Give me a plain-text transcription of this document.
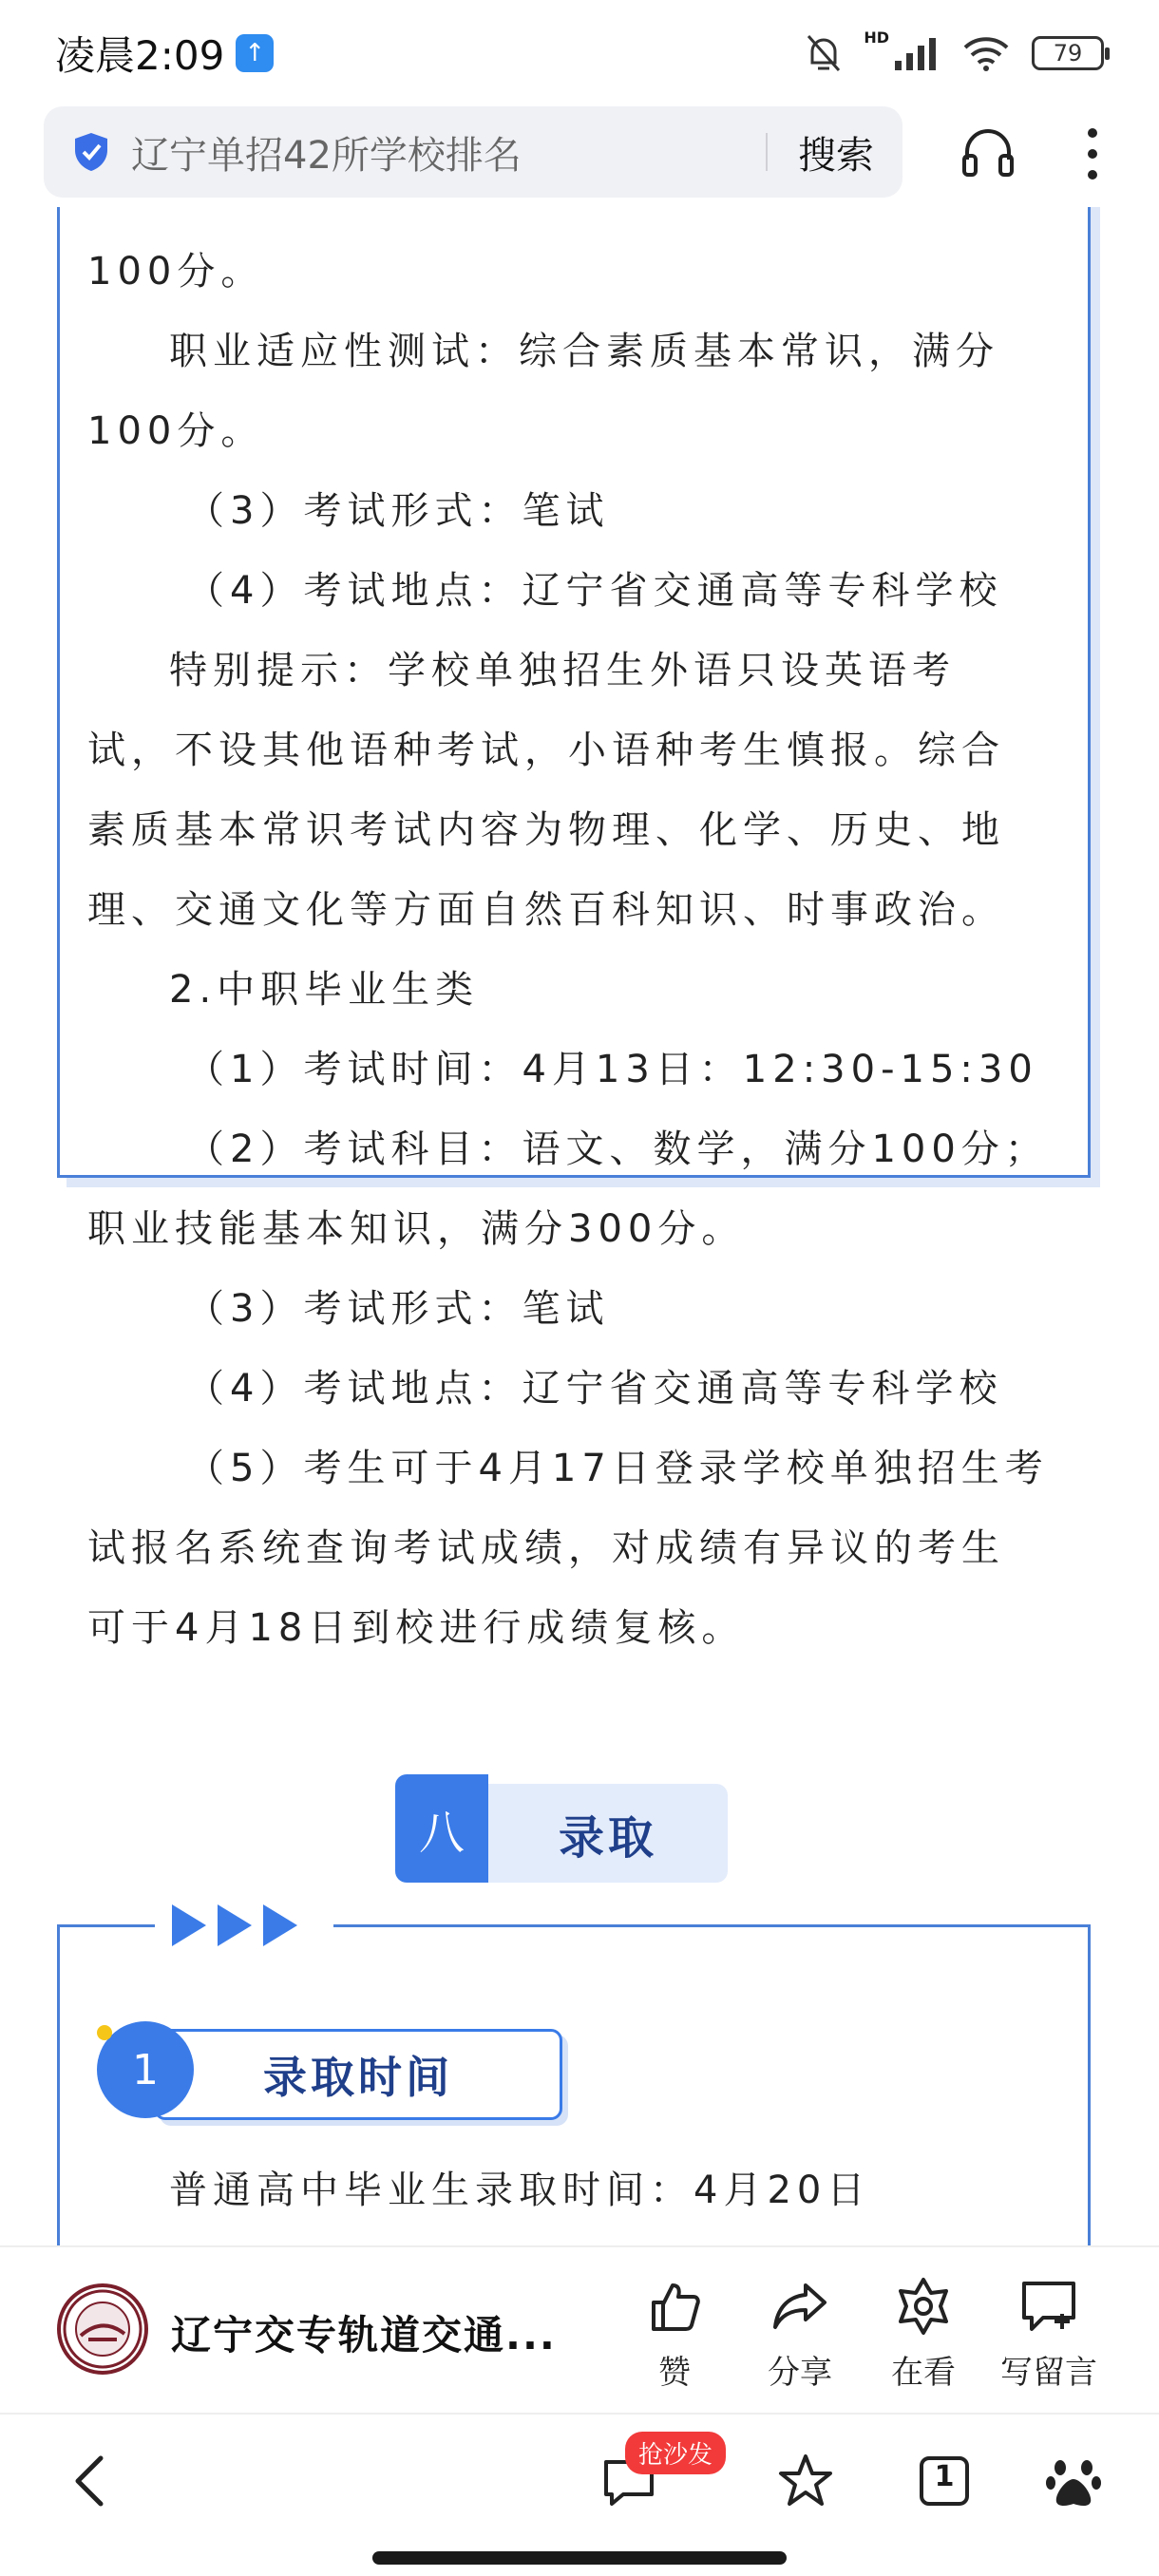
凌晨2:09 ↑
HD
79
辽宁单招42所学校排名	搜索
100分。
职业适应性测试：综合素质基本常识，满分
100分。
（3）考试形式：笔试
（4）考试地点：辽宁省交通高等专科学校
特别提示：学校单独招生外语只设英语考
试，不设其他语种考试，小语种考生慎报。综合
素质基本常识考试内容为物理、化学、历史、地
理、交通文化等方面自然百科知识、时事政治。
2.中职毕业生类
（1）考试时间：4月13日：12:30-15:30
（2）考试科目：语文、数学，满分100分；
职业技能基本知识，满分300分。
（3）考试形式：笔试
（4）考试地点：辽宁省交通高等专科学校
（5）考生可于4月17日登录学校单独招生考
试报名系统查询考试成绩，对成绩有异议的考生
可于4月18日到校进行成绩复核。
八	录取
录取时间
1
普通高中毕业生录取时间：4月20日
辽宁交专轨道交通...
赞	分享	在看	写留言
抢沙发
1
